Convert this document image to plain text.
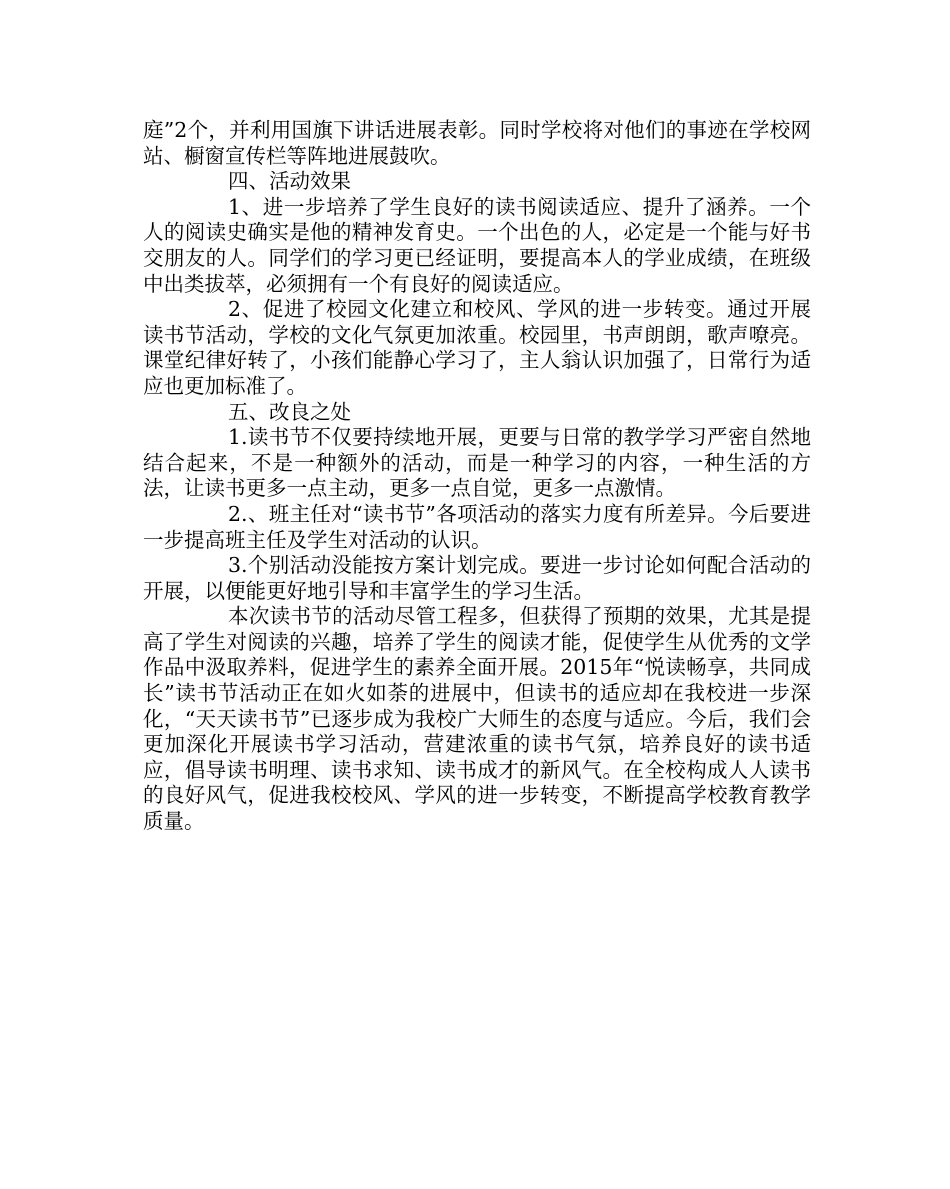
庭”2个，并利用国旗下讲话进展表彰。同时学校将对他们的事迹在学校网站、橱窗宣传栏等阵地进展鼓吹。

四、活动效果

1、进一步培养了学生良好的读书阅读适应、提升了涵养。一个人的阅读史确实是他的精神发育史。一个出色的人，必定是一个能与好书交朋友的人。同学们的学习更已经证明，要提高本人的学业成绩，在班级中出类拔萃，必须拥有一个有良好的阅读适应。

2、促进了校园文化建立和校风、学风的进一步转变。通过开展读书节活动，学校的文化气氛更加浓重。校园里，书声朗朗，歌声嘹亮。课堂纪律好转了，小孩们能静心学习了，主人翁认识加强了，日常行为适应也更加标准了。

五、改良之处

1.读书节不仅要持续地开展，更要与日常的教学学习严密自然地结合起来，不是一种额外的活动，而是一种学习的内容，一种生活的方法，让读书更多一点主动，更多一点自觉，更多一点激情。

2.、班主任对“读书节”各项活动的落实力度有所差异。今后要进一步提高班主任及学生对活动的认识。

3.个别活动没能按方案计划完成。要进一步讨论如何配合活动的开展，以便能更好地引导和丰富学生的学习生活。

本次读书节的活动尽管工程多，但获得了预期的效果，尤其是提高了学生对阅读的兴趣，培养了学生的阅读才能，促使学生从优秀的文学作品中汲取养料，促进学生的素养全面开展。2015年“悦读畅享，共同成长”读书节活动正在如火如荼的进展中，但读书的适应却在我校进一步深化，“天天读书节”已逐步成为我校广大师生的态度与适应。今后，我们会更加深化开展读书学习活动，营建浓重的读书气氛，培养良好的读书适应，倡导读书明理、读书求知、读书成才的新风气。在全校构成人人读书的良好风气，促进我校校风、学风的进一步转变，不断提高学校教育教学质量。
